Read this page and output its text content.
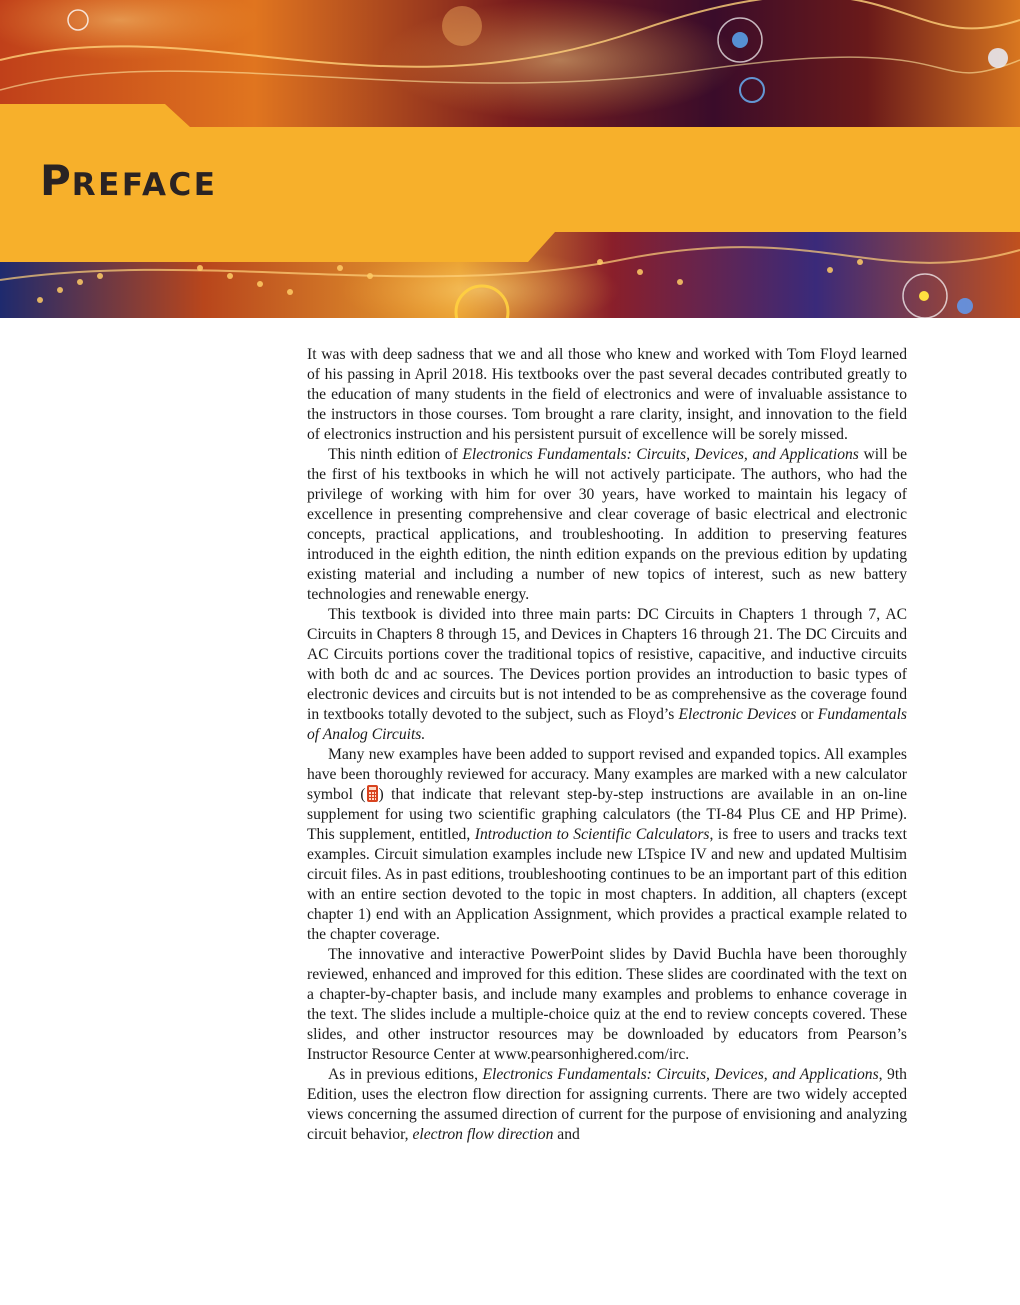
PREFACE

It was with deep sadness that we and all those who knew and worked with Tom Floyd learned of his passing in April 2018. His textbooks over the past several decades contributed greatly to the education of many students in the field of electronics and were of invaluable assistance to the instructors in those courses. Tom brought a rare clarity, insight, and innovation to the field of electronics instruction and his persistent pursuit of excellence will be sorely missed.

This ninth edition of Electronics Fundamentals: Circuits, Devices, and Applications will be the first of his textbooks in which he will not actively participate. The authors, who had the privilege of working with him for over 30 years, have worked to maintain his legacy of excellence in presenting comprehensive and clear coverage of basic electrical and electronic concepts, practical applications, and troubleshooting. In addition to preserving features introduced in the eighth edition, the ninth edition expands on the previous edition by updating existing material and including a number of new topics of interest, such as new battery technologies and renewable energy.

This textbook is divided into three main parts: DC Circuits in Chapters 1 through 7, AC Circuits in Chapters 8 through 15, and Devices in Chapters 16 through 21. The DC Circuits and AC Circuits portions cover the traditional topics of resistive, capacitive, and inductive circuits with both dc and ac sources. The Devices portion provides an introduction to basic types of electronic devices and circuits but is not intended to be as comprehensive as the coverage found in textbooks totally devoted to the subject, such as Floyd’s Electronic Devices or Fundamentals of Analog Circuits.

Many new examples have been added to support revised and expanded topics. All examples have been thoroughly reviewed for accuracy. Many examples are marked with a new calculator symbol ( ) that indicate that relevant step-by-step instructions are available in an on-line supplement for using two scientific graphing calculators (the TI-84 Plus CE and HP Prime). This supplement, entitled, Introduction to Scientific Calculators, is free to users and tracks text examples. Circuit simulation examples include new LTspice IV and new and updated Multisim circuit files. As in past editions, troubleshooting continues to be an important part of this edition with an entire section devoted to the topic in most chapters. In addition, all chapters (except chapter 1) end with an Application Assignment, which provides a practical example related to the chapter coverage.

The innovative and interactive PowerPoint slides by David Buchla have been thoroughly reviewed, enhanced and improved for this edition. These slides are coordinated with the text on a chapter-by-chapter basis, and include many examples and problems to enhance coverage in the text. The slides include a multiple-choice quiz at the end to review concepts covered. These slides, and other instructor resources may be downloaded by educators from Pearson’s Instructor Resource Center at www.pearsonhighered.com/irc.

As in previous editions, Electronics Fundamentals: Circuits, Devices, and Applications, 9th Edition, uses the electron flow direction for assigning currents. There are two widely accepted views concerning the assumed direction of current for the purpose of envisioning and analyzing circuit behavior, electron flow direction and
